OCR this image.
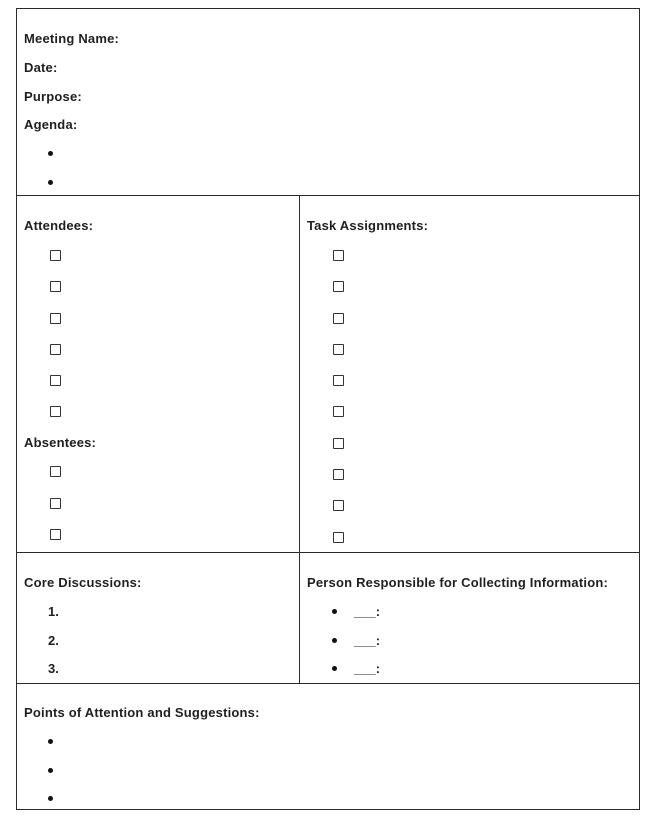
Meeting Name:
Date:
Purpose:
Agenda:
Attendees:
Absentees:
Task Assignments:
Core Discussions:
1.
2.
3.
Person Responsible for Collecting Information:
___:
___:
___:
Points of Attention and Suggestions:
